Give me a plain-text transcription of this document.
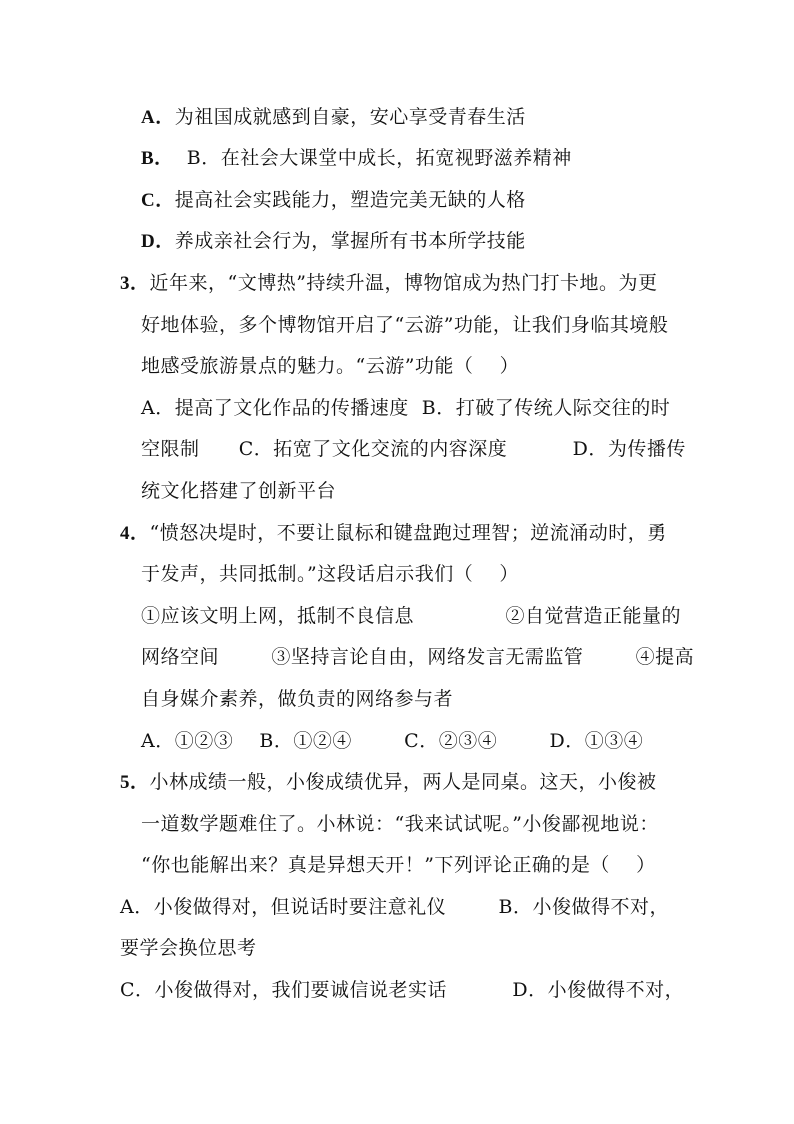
A．为祖国成就感到自豪，安心享受青春生活
B．  B．在社会大课堂中成长，拓宽视野滋养精神
C．提高社会实践能力，塑造完美无缺的人格
D．养成亲社会行为，掌握所有书本所学技能
3．近年来，“文博热”持续升温，博物馆成为热门打卡地。为更
好地体验，多个博物馆开启了“云游”功能，让我们身临其境般
地感受旅游景点的魅力。“云游”功能（    ）
A．提高了文化作品的传播速度  B．打破了传统人际交往的时
空限制      C．拓宽了文化交流的内容深度          D．为传播传
统文化搭建了创新平台
4．“愤怒决堤时，不要让鼠标和键盘跑过理智；逆流涌动时，勇
于发声，共同抵制。”这段话启示我们（    ）
①应该文明上网，抵制不良信息              ②自觉营造正能量的
网络空间        ③坚持言论自由，网络发言无需监管        ④提高
自身媒介素养，做负责的网络参与者
A．①②③    B．①②④        C．②③④        D．①③④
5．小林成绩一般，小俊成绩优异，两人是同桌。这天，小俊被
一道数学题难住了。小林说：“我来试试呢。”小俊鄙视地说：
“你也能解出来？真是异想天开！”下列评论正确的是（    ）
A．小俊做得对，但说话时要注意礼仪        B．小俊做得不对，
要学会换位思考
C．小俊做得对，我们要诚信说老实话          D．小俊做得不对，
